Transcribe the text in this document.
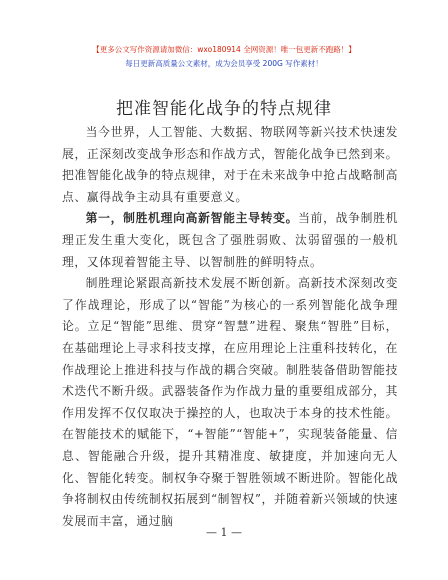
【更多公文写作资源请加微信：wxo180914 全网资源！唯一包更新不跑路！】
每日更新高质量公文素材，成为会员享受 200G 写作素材！
把准智能化战争的特点规律

当今世界，人工智能、大数据、物联网等新兴技术快速发展，正深刻改变战争形态和作战方式，智能化战争已然到来。把准智能化战争的特点规律，对于在未来战争中抢占战略制高点、赢得战争主动具有重要意义。

第一，制胜机理向高新智能主导转变。当前，战争制胜机理正发生重大变化，既包含了强胜弱败、汰弱留强的一般机理，又体现着智能主导、以智制胜的鲜明特点。

制胜理论紧跟高新技术发展不断创新。高新技术深刻改变了作战理论，形成了以“智能”为核心的一系列智能化战争理论。立足“智能”思维、贯穿“智慧”进程、聚焦“智胜”目标，在基础理论上寻求科技支撑，在应用理论上注重科技转化，在作战理论上推进科技与作战的耦合突破。制胜装备借助智能技术迭代不断升级。武器装备作为作战力量的重要组成部分，其作用发挥不仅仅取决于操控的人，也取决于本身的技术性能。在智能技术的赋能下，“+智能”“智能+”，实现装备能量、信息、智能融合升级，提升其精准度、敏捷度，并加速向无人化、智能化转变。制权争夺聚于智胜领域不断进阶。智能化战争将制权由传统制权拓展到“制智权”，并随着新兴领域的快速发展而丰富，通过脑

— 1 —
